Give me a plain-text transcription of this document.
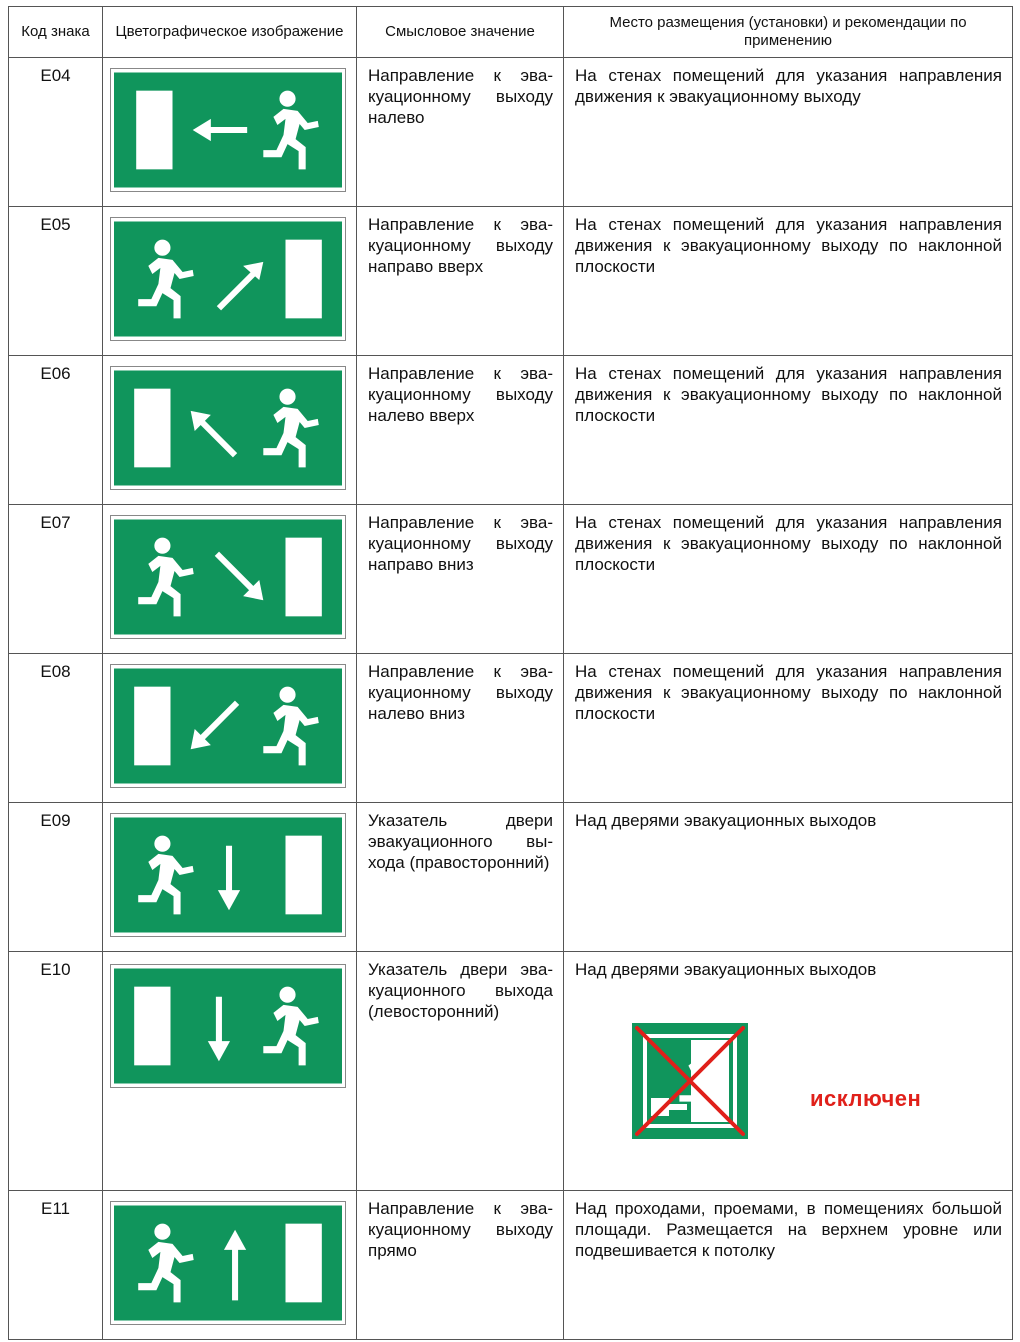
Код знака	Цветографическое изображение	Смысловое значение	Место размещения (установки) и рекомендации по применению
E04		Направление к эвакуационному выходу налево	На стенах помещений для указания направления движения к эвакуационному выходу
E05		Направление к эвакуационному выходу направо вверх	На стенах помещений для указания направления движения к эвакуационному выходу по наклонной плоскости
E06		Направление к эвакуационному выходу налево вверх	На стенах помещений для указания направления движения к эвакуационному выходу по наклонной плоскости
E07		Направление к эвакуационному выходу направо вниз	На стенах помещений для указания направления движения к эвакуационному выходу по наклонной плоскости
E08		Направление к эвакуационному выходу налево вниз	На стенах помещений для указания направления движения к эвакуационному выходу по наклонной плоскости
E09		Указатель двери эвакуационного выхода (правосторонний)	Над дверями эвакуационных выходов
E10		Указатель двери эвакуационного выхода (левосторонний)	Над дверями эвакуационных выходов
исключен

E11		Направление к эвакуационному выходу прямо	Над проходами, проемами, в помещениях большой площади. Размещается на верхнем уровне или подвешивается к потолку
